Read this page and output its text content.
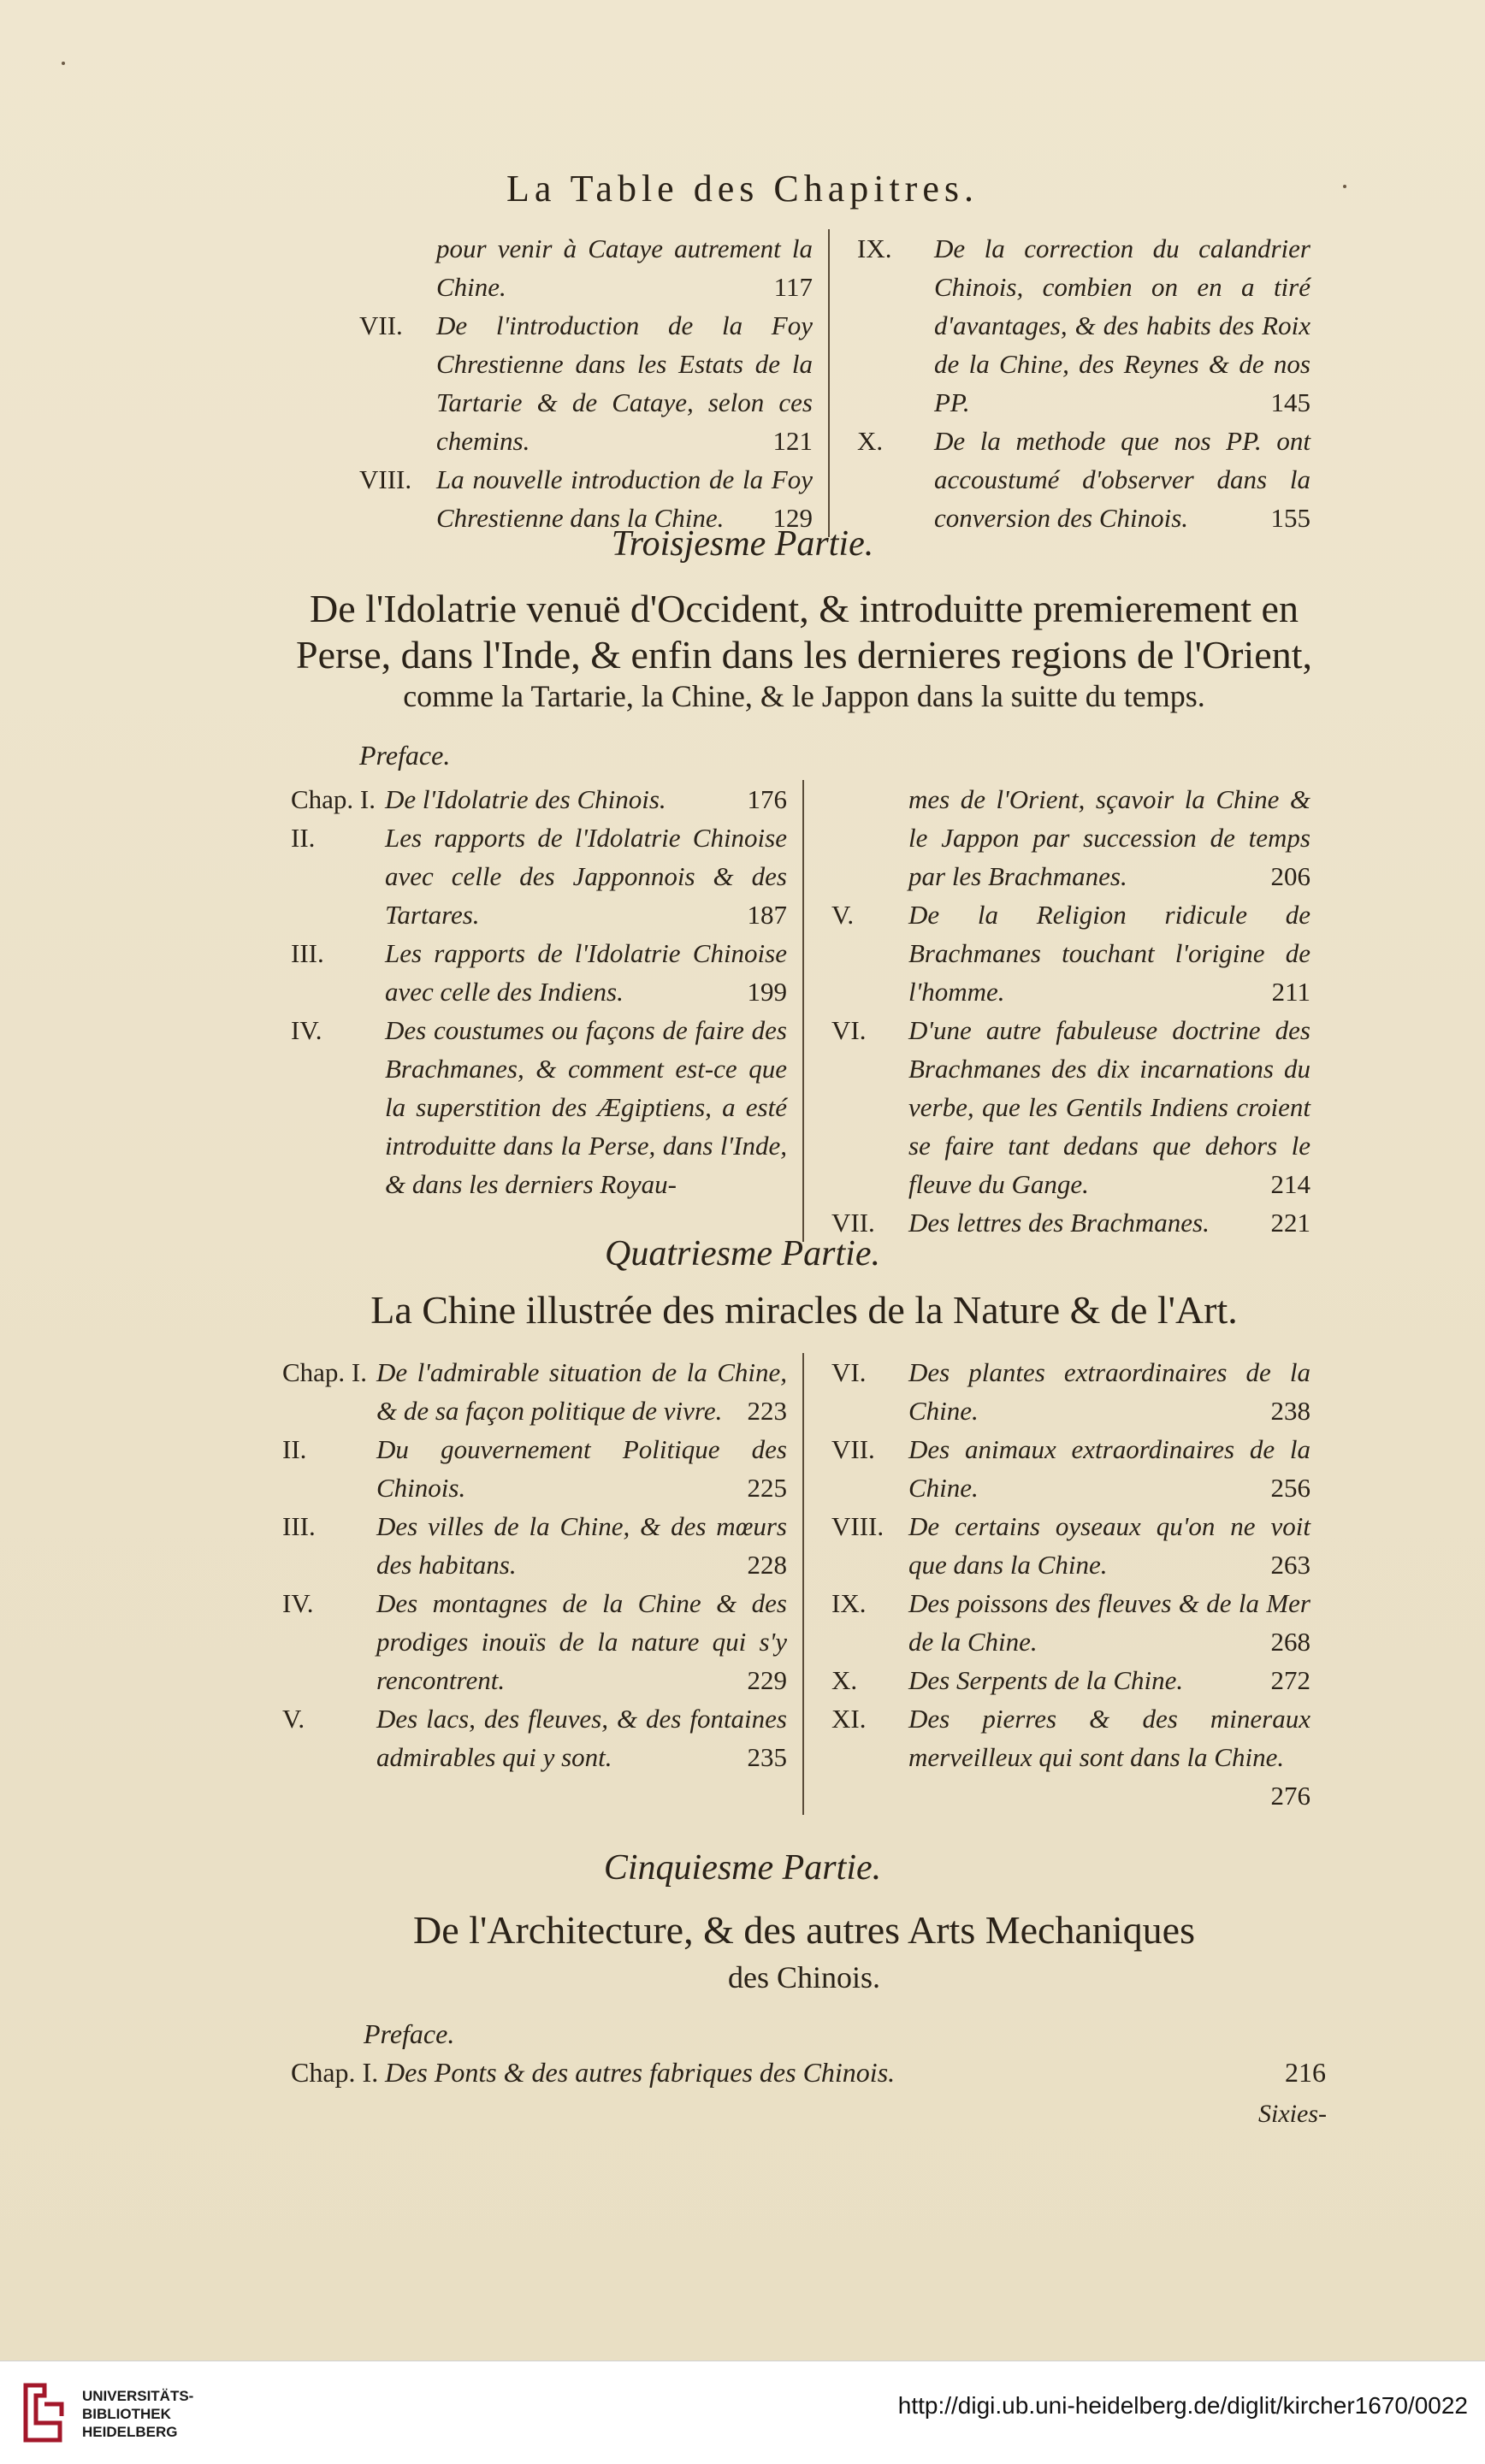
La Table des Chapitres.
pour venir à Cataye autrement la Chine.	117
VII.	De l'introduction de la Foy Chrestienne dans les Estats de la Tartarie & de Cataye, selon ces chemins.	121
VIII. La nouvelle introduction de la Foy Chrestienne dans la Chine. 129
IX.	De la correction du calandrier Chinois, combien on en a tiré d'avantages, & des habits des Roix de la Chine, des Reynes & de nos PP.	145
X.	De la methode que nos PP. ont accoustumé d'observer dans la conversion des Chinois.	155
Troisjesme Partie.
De l'Idolatrie venuë d'Occident, & introduitte premierement en Perse, dans l'Inde, & enfin dans les dernieres regions de l'Orient,
comme la Tartarie, la Chine, & le Jappon dans la suitte du temps.
Preface.
Chap. I. De l'Idolatrie des Chinois.	176
II.	Les rapports de l'Idolatrie Chinoise avec celle des Japponnois & des Tartares.	187
III.	Les rapports de l'Idolatrie Chinoise avec celle des Indiens.	199
IV.	Des coustumes ou façons de faire des Brachmanes, & comment est-ce que la superstition des Ægiptiens, a esté introduitte dans la Perse, dans l'Inde, & dans les derniers Royau-
mes de l'Orient, sçavoir la Chine & le Jappon par succession de temps par les Brachmanes.	206
V.	De la Religion ridicule de Brachmanes touchant l'origine de l'homme.	211
VI.	D'une autre fabuleuse doctrine des Brachmanes des dix incarnations du verbe, que les Gentils Indiens croient se faire tant dedans que dehors le fleuve du Gange.	214
VII.	Des lettres des Brachmanes. 221
Quatriesme Partie.
La Chine illustrée des miracles de la Nature & de l'Art.
Chap. I. De l'admirable situation de la Chine, & de sa façon politique de vivre. 223
II.	Du gouvernement Politique des Chinois.	225
III.	Des villes de la Chine, & des mœurs des habitans.	228
IV.	Des montagnes de la Chine & des prodiges inouïs de la nature qui s'y rencontrent.	229
V.	Des lacs, des fleuves, & des fontaines admirables qui y sont.	235
VI.	Des plantes extraordinaires de la Chine.	238
VII.	Des animaux extraordinaires de la Chine.	256
VIII. De certains oyseaux qu'on ne voit que dans la Chine.	263
IX.	Des poissons des fleuves & de la Mer de la Chine.	268
X.	Des Serpents de la Chine.	272
XI.	Des pierres & des mineraux merveilleux qui sont dans la Chine.
276
Cinquiesme Partie.
De l'Architecture, & des autres Arts Mechaniques
des Chinois.
Preface.
Chap. I. Des Ponts & des autres fabriques des Chinois.	216
Sixies-
UNIVERSITÄTS-
BIBLIOTHEK
HEIDELBERG
http://digi.ub.uni-heidelberg.de/diglit/kircher1670/0022
